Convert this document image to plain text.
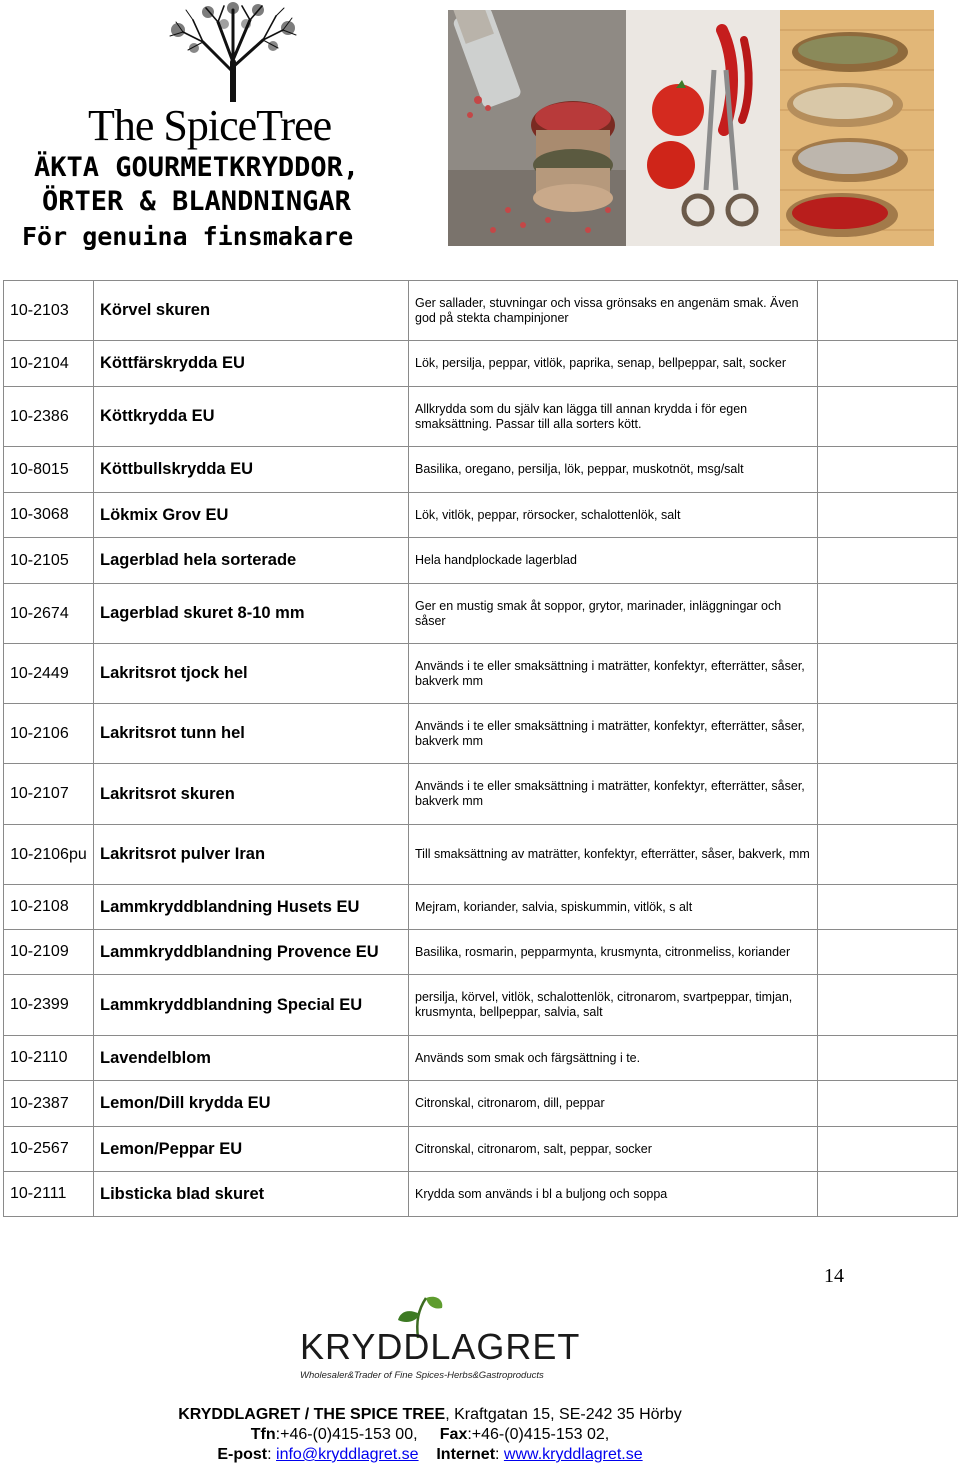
The SpiceTree
ÄKTA GOURMETKRYDDOR,
ÖRTER & BLANDNINGAR
För genuina finsmakare
10-2103	Körvel skuren	Ger sallader, stuvningar och vissa grönsaks en angenäm smak. Även god på stekta champinjoner	
10-2104	Köttfärskrydda EU	Lök, persilja, peppar, vitlök, paprika, senap, bellpeppar, salt, socker	
10-2386	Köttkrydda EU	Allkrydda som du själv kan lägga till annan krydda i för egen smaksättning. Passar till alla sorters kött.	
10-8015	Köttbullskrydda EU	Basilika, oregano, persilja, lök, peppar, muskotnöt, msg/salt	
10-3068	Lökmix Grov EU	Lök, vitlök, peppar, rörsocker, schalottenlök, salt	
10-2105	Lagerblad hela sorterade	Hela handplockade lagerblad	
10-2674	Lagerblad skuret 8-10 mm	Ger en mustig smak åt soppor, grytor, marinader, inläggningar och såser	
10-2449	Lakritsrot tjock hel	Används i te eller smaksättning i maträtter, konfektyr, efterrätter, såser, bakverk mm	
10-2106	Lakritsrot tunn hel	Används i te eller smaksättning i maträtter, konfektyr, efterrätter, såser, bakverk mm	
10-2107	Lakritsrot skuren	Används i te eller smaksättning i maträtter, konfektyr, efterrätter, såser, bakverk mm	
10-2106pu	Lakritsrot pulver Iran	Till smaksättning av maträtter, konfektyr, efterrätter, såser, bakverk, mm	
10-2108	Lammkryddblandning Husets EU	Mejram, koriander, salvia, spiskummin, vitlök, s alt	
10-2109	Lammkryddblandning Provence EU	Basilika, rosmarin, pepparmynta, krusmynta, citronmeliss, koriander	
10-2399	Lammkryddblandning Special EU	persilja, körvel, vitlök, schalottenlök, citronarom, svartpeppar, timjan, krusmynta, bellpeppar, salvia, salt	
10-2110	Lavendelblom	Används som smak och färgsättning i te.	
10-2387	Lemon/Dill krydda EU	Citronskal, citronarom, dill, peppar	
10-2567	Lemon/Peppar EU	Citronskal, citronarom, salt, peppar, socker	
10-2111	Libsticka blad skuret	Krydda som används i bl a buljong och soppa	
14
KRYDDLAGRET
Wholesaler&Trader of Fine Spices-Herbs&Gastroproducts
KRYDDLAGRET / THE SPICE TREE, Kraftgatan 15, SE-242 35 Hörby
Tfn:+46-(0)415-153 00, Fax:+46-(0)415-153 02,
E-post: info@kryddlagret.se Internet: www.kryddlagret.se
